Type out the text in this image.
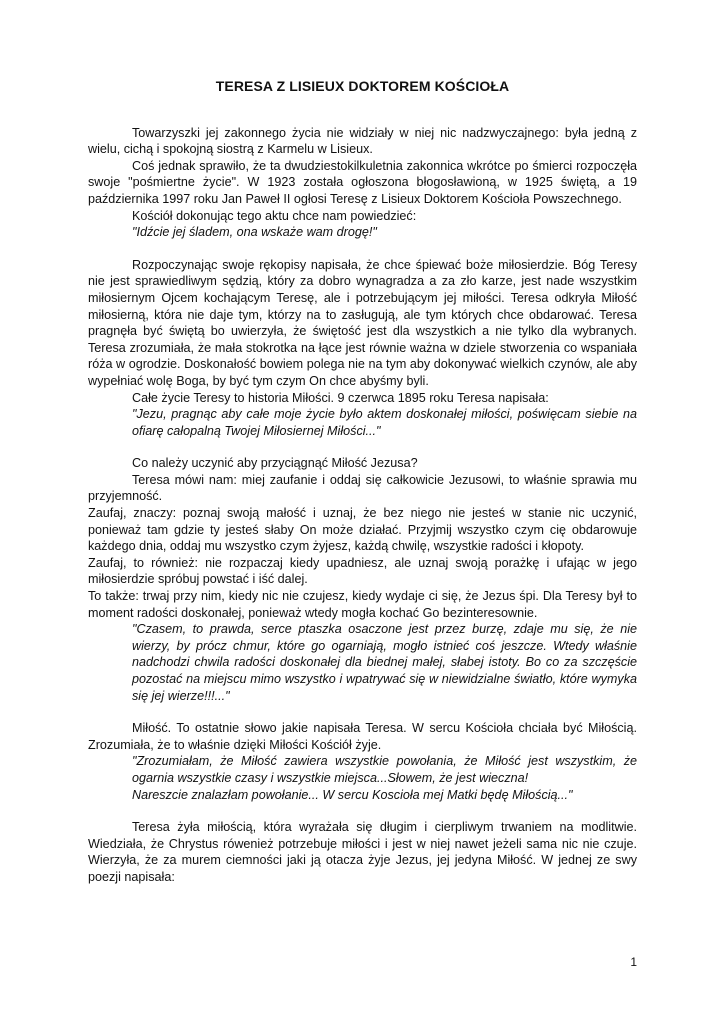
TERESA Z LISIEUX DOKTOREM KOŚCIOŁA

Towarzyszki jej zakonnego życia nie widziały w niej nic nadzwyczajnego: była jedną z wielu, cichą i spokojną siostrą z Karmelu w Lisieux.

Coś jednak sprawiło, że ta dwudziestokilkuletnia zakonnica wkrótce po śmierci rozpoczęła swoje "pośmiertne życie". W 1923 została ogłoszona błogosławioną, w 1925 świętą, a 19 października 1997 roku Jan Paweł II ogłosi Teresę z Lisieux Doktorem Kościoła Powszechnego.

Kościół dokonując tego aktu chce nam powiedzieć:

"Idźcie jej śladem, ona wskaże wam drogę!"

Rozpoczynając swoje rękopisy napisała, że chce śpiewać boże miłosierdzie. Bóg Teresy nie jest sprawiedliwym sędzią, który za dobro wynagradza a za zło karze, jest nade wszystkim miłosiernym Ojcem kochającym Teresę, ale i potrzebującym jej miłości. Teresa odkryła Miłość miłosierną, która nie daje tym, którzy na to zasługują, ale tym których chce obdarować. Teresa pragnęła być świętą bo uwierzyła, że świętość jest dla wszystkich a nie tylko dla wybranych. Teresa zrozumiała, że mała stokrotka na łące jest równie ważna w dziele stworzenia co wspaniała róża w ogrodzie. Doskonałość bowiem polega nie na tym aby dokonywać wielkich czynów, ale aby wypełniać wolę Boga, by być tym czym On chce abyśmy byli.

Całe życie Teresy to historia Miłości. 9 czerwca 1895 roku Teresa napisała:

"Jezu, pragnąc aby całe moje życie było aktem doskonałej miłości, poświęcam siebie na ofiarę całopalną Twojej Miłosiernej Miłości..."

Co należy uczynić aby przyciągnąć Miłość Jezusa?

Teresa mówi nam: miej zaufanie i oddaj się całkowicie Jezusowi, to właśnie sprawia mu przyjemność.

Zaufaj, znaczy: poznaj swoją małość i uznaj, że bez niego nie jesteś w stanie nic uczynić, ponieważ tam gdzie ty jesteś słaby On może działać. Przyjmij wszystko czym cię obdarowuje każdego dnia, oddaj mu wszystko czym żyjesz, każdą chwilę, wszystkie radości i kłopoty.

Zaufaj, to również: nie rozpaczaj kiedy upadniesz, ale uznaj swoją porażkę i ufając w jego miłosierdzie spróbuj powstać i iść dalej.

To także: trwaj przy nim, kiedy nic nie czujesz, kiedy wydaje ci się, że Jezus śpi. Dla Teresy był to moment radości doskonałej, ponieważ wtedy mogła kochać Go bezinteresownie.

"Czasem, to prawda, serce ptaszka osaczone jest przez burzę, zdaje mu się, że nie wierzy, by prócz chmur, które go ogarniają, mogło istnieć coś jeszcze. Wtedy właśnie nadchodzi chwila radości doskonałej dla biednej małej, słabej istoty. Bo co za szczęście pozostać na miejscu mimo wszystko i wpatrywać się w niewidzialne światło, które wymyka się jej wierze!!!..."

Miłość. To ostatnie słowo jakie napisała Teresa. W sercu Kościoła chciała być Miłością. Zrozumiała, że to właśnie dzięki Miłości Kościół żyje.

"Zrozumiałam, że Miłość zawiera wszystkie powołania, że Miłość jest wszystkim, że ogarnia wszystkie czasy i wszystkie miejsca...Słowem, że jest wieczna!

Nareszcie znalazłam powołanie... W sercu Koscioła mej Matki będę Miłością..."

Teresa żyła miłością, która wyrażała się długim i cierpliwym trwaniem na modlitwie. Wiedziała, że Chrystus rówenież potrzebuje miłości i jest w niej nawet jeżeli sama nic nie czuje. Wierzyła, że za murem ciemności jaki ją otacza żyje Jezus, jej jedyna Miłość. W jednej ze swy poezji napisała:

1
